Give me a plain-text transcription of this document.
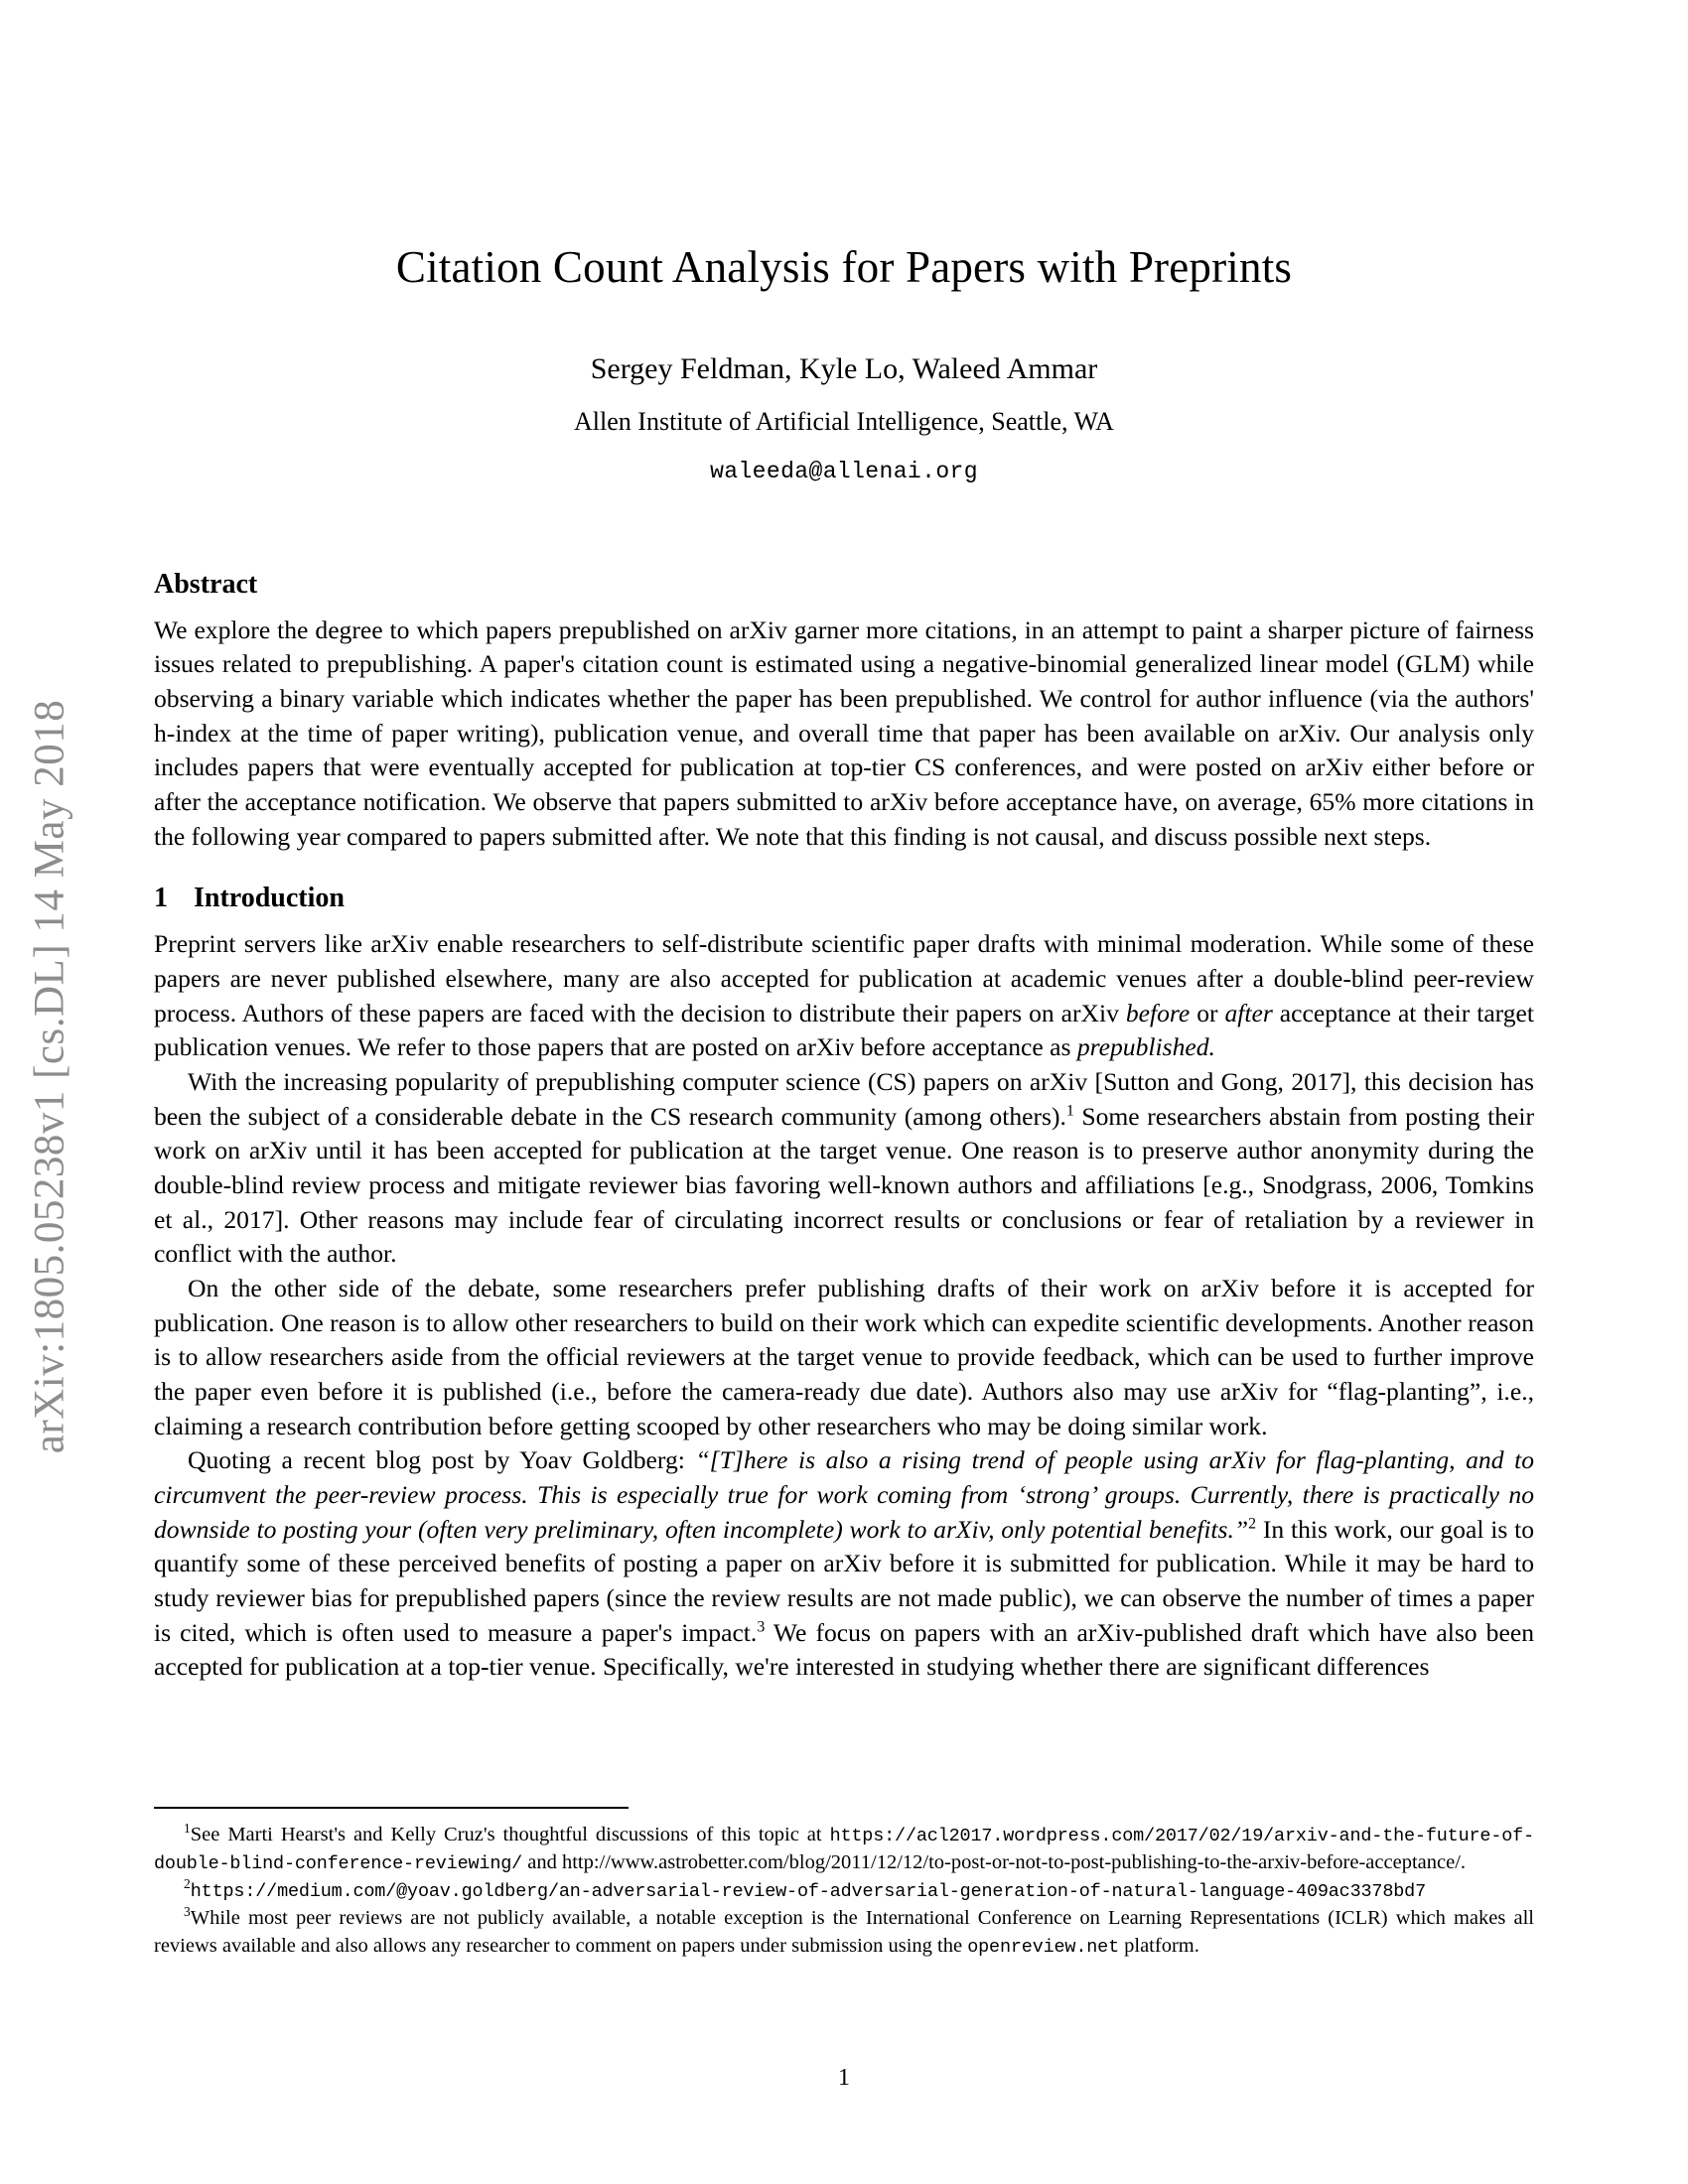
arXiv:1805.05238v1 [cs.DL] 14 May 2018
Citation Count Analysis for Papers with Preprints
Sergey Feldman, Kyle Lo, Waleed Ammar
Allen Institute of Artificial Intelligence, Seattle, WA
waleeda@allenai.org
Abstract

We explore the degree to which papers prepublished on arXiv garner more citations, in an attempt to paint a sharper picture of fairness issues related to prepublishing. A paper's citation count is estimated using a negative-binomial generalized linear model (GLM) while observing a binary variable which indicates whether the paper has been prepublished. We control for author influence (via the authors' h-index at the time of paper writing), publication venue, and overall time that paper has been available on arXiv. Our analysis only includes papers that were eventually accepted for publication at top-tier CS conferences, and were posted on arXiv either before or after the acceptance notification. We observe that papers submitted to arXiv before acceptance have, on average, 65% more citations in the following year compared to papers submitted after. We note that this finding is not causal, and discuss possible next steps.

1 Introduction

Preprint servers like arXiv enable researchers to self-distribute scientific paper drafts with minimal moderation. While some of these papers are never published elsewhere, many are also accepted for publication at academic venues after a double-blind peer-review process. Authors of these papers are faced with the decision to distribute their papers on arXiv before or after acceptance at their target publication venues. We refer to those papers that are posted on arXiv before acceptance as prepublished.

With the increasing popularity of prepublishing computer science (CS) papers on arXiv [Sutton and Gong, 2017], this decision has been the subject of a considerable debate in the CS research community (among others).$^1$ Some researchers abstain from posting their work on arXiv until it has been accepted for publication at the target venue. One reason is to preserve author anonymity during the double-blind review process and mitigate reviewer bias favoring well-known authors and affiliations [e.g., Snodgrass, 2006, Tomkins et al., 2017]. Other reasons may include fear of circulating incorrect results or conclusions or fear of retaliation by a reviewer in conflict with the author.

On the other side of the debate, some researchers prefer publishing drafts of their work on arXiv before it is accepted for publication. One reason is to allow other researchers to build on their work which can expedite scientific developments. Another reason is to allow researchers aside from the official reviewers at the target venue to provide feedback, which can be used to further improve the paper even before it is published (i.e., before the camera-ready due date). Authors also may use arXiv for “flag-planting”, i.e., claiming a research contribution before getting scooped by other researchers who may be doing similar work.

Quoting a recent blog post by Yoav Goldberg: “[T]here is also a rising trend of people using arXiv for flag-planting, and to circumvent the peer-review process. This is especially true for work coming from ‘strong’ groups. Currently, there is practically no downside to posting your (often very preliminary, often incomplete) work to arXiv, only potential benefits.”$^2$ In this work, our goal is to quantify some of these perceived benefits of posting a paper on arXiv before it is submitted for publication. While it may be hard to study reviewer bias for prepublished papers (since the review results are not made public), we can observe the number of times a paper is cited, which is often used to measure a paper's impact.$^3$ We focus on papers with an arXiv-published draft which have also been accepted for publication at a top-tier venue. Specifically, we're interested in studying whether there are significant differences

$^1$See Marti Hearst's and Kelly Cruz's thoughtful discussions of this topic at https://acl2017.wordpress.com/2017/02/19/arxiv-and-the-future-of-double-blind-conference-reviewing/ and http://www.astrobetter.com/blog/2011/12/12/to-post-or-not-to-post-publishing-to-the-arxiv-before-acceptance/.

$^2$https://medium.com/@yoav.goldberg/an-adversarial-review-of-adversarial-generation-of-natural-language-409ac3378bd7

$^3$While most peer reviews are not publicly available, a notable exception is the International Conference on Learning Representations (ICLR) which makes all reviews available and also allows any researcher to comment on papers under submission using the openreview.net platform.

1
